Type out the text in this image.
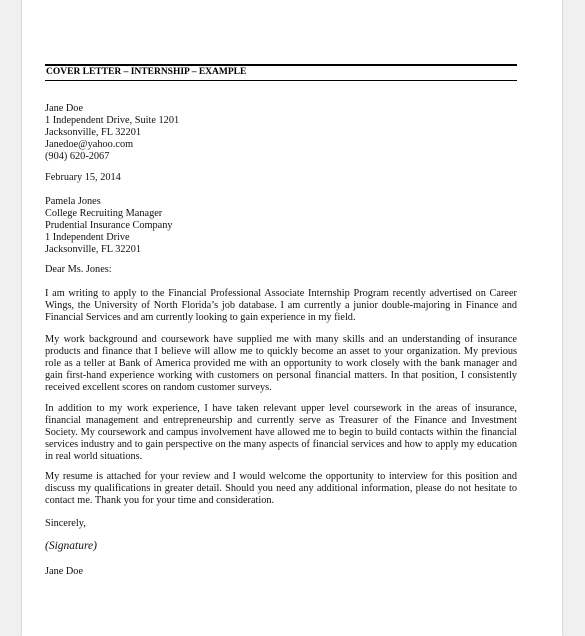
COVER LETTER – INTERNSHIP – EXAMPLE
Jane Doe
1 Independent Drive, Suite 1201
Jacksonville, FL 32201
Janedoe@yahoo.com
(904) 620-2067
February 15, 2014
Pamela Jones
College Recruiting Manager
Prudential Insurance Company
1 Independent Drive
Jacksonville, FL 32201
Dear Ms. Jones:
I am writing to apply to the Financial Professional Associate Internship Program recently advertised on Career Wings, the University of North Florida’s job database. I am currently a junior double-majoring in Finance and Financial Services and am currently looking to gain experience in my field.
My work background and coursework have supplied me with many skills and an understanding of insurance products and finance that I believe will allow me to quickly become an asset to your organization. My previous role as a teller at Bank of America provided me with an opportunity to work closely with the bank manager and gain first-hand experience working with customers on personal financial matters. In that position, I consistently received excellent scores on random customer surveys.
In addition to my work experience, I have taken relevant upper level coursework in the areas of insurance, financial management and entrepreneurship and currently serve as Treasurer of the Finance and Investment Society. My coursework and campus involvement have allowed me to begin to build contacts within the financial services industry and to gain perspective on the many aspects of financial services and how to apply my education in real world situations.
My resume is attached for your review and I would welcome the opportunity to interview for this position and discuss my qualifications in greater detail. Should you need any additional information, please do not hesitate to contact me. Thank you for your time and consideration.
Sincerely,
(Signature)
Jane Doe
